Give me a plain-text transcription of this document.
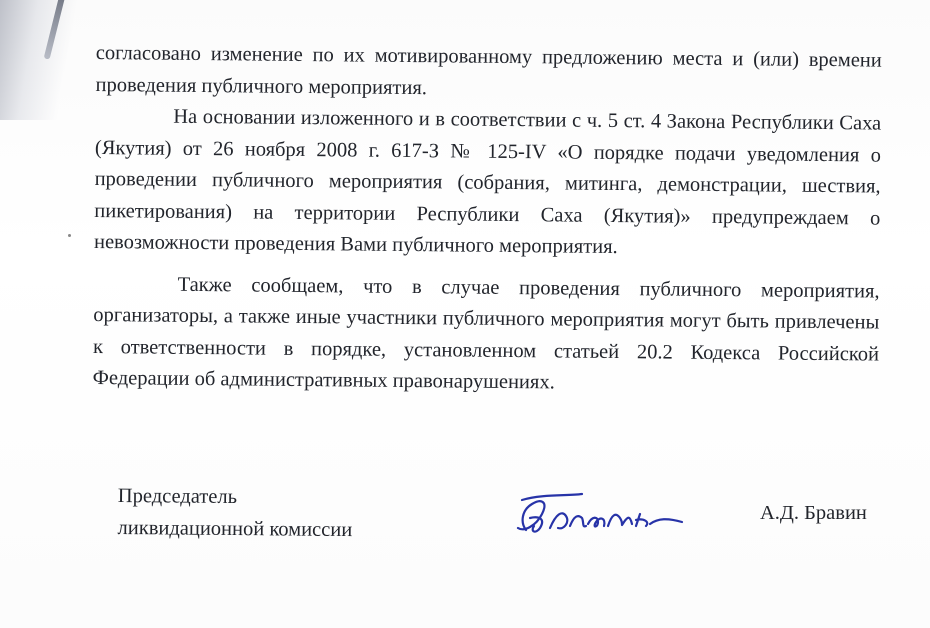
согласовано изменение по их мотивированному предложению места и (или) времени проведения публичного мероприятия.

На основании изложенного и в соответствии с ч. 5 ст. 4 Закона Республики Саха (Якутия) от 26 ноября 2008 г. 617-З № 125-IV «О порядке подачи уведомления о проведении публичного мероприятия (собрания, митинга, демонстрации, шествия, пикетирования) на территории Республики Саха (Якутия)» предупреждаем о невозможности проведения Вами публичного мероприятия.

Также сообщаем, что в случае проведения публичного мероприятия, организаторы, а также иные участники публичного мероприятия могут быть привлечены к ответственности в порядке, установленном статьей 20.2 Кодекса Российской Федерации об административных правонарушениях.

Председатель
ликвидационной комиссии
А.Д. Бравин
